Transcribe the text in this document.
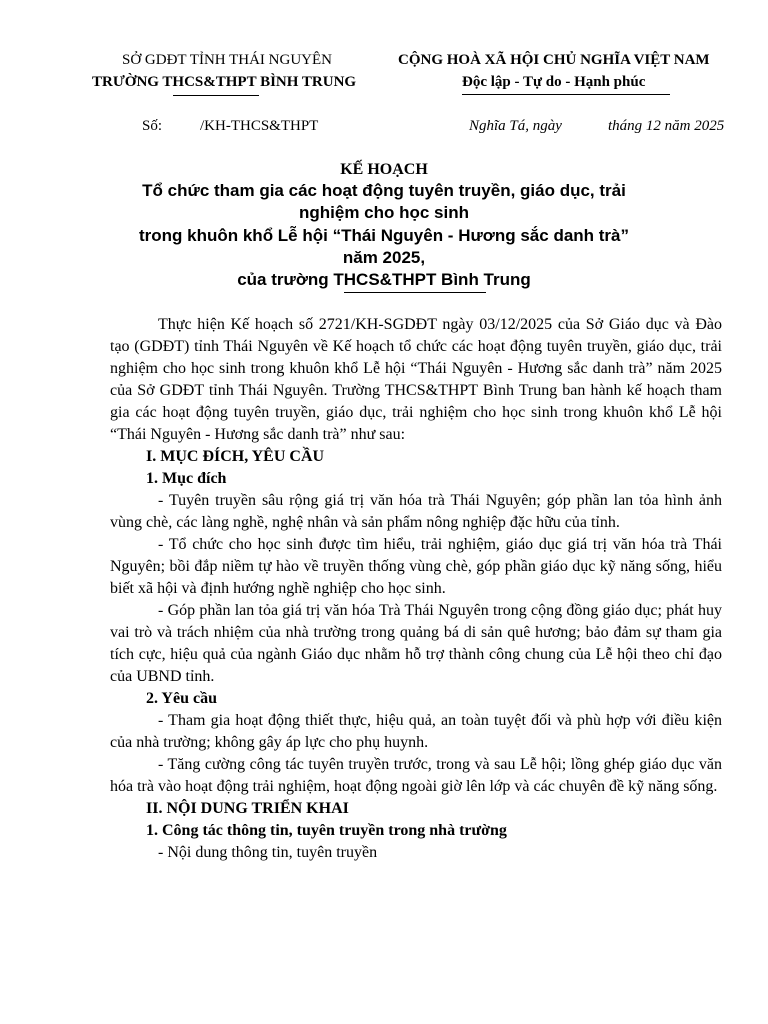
SỞ GDĐT TỈNH THÁI NGUYÊN
TRƯỜNG THCS&THPT BÌNH TRUNG
CỘNG HOÀ XÃ HỘI CHỦ NGHĨA VIỆT NAM
Độc lập - Tự do - Hạnh phúc
Số:	/KH-THCS&THPT	Nghĩa Tá, ngày	tháng 12 năm 2025
KẾ HOẠCH
Tổ chức tham gia các hoạt động tuyên truyền, giáo dục, trải
nghiệm cho học sinh
trong khuôn khổ Lễ hội “Thái Nguyên - Hương sắc danh trà”
năm 2025,
của trường THCS&THPT Bình Trung

Thực hiện Kế hoạch số 2721/KH-SGDĐT ngày 03/12/2025 của Sở Giáo dục và Đào tạo (GDĐT) tỉnh Thái Nguyên về Kế hoạch tổ chức các hoạt động tuyên truyền, giáo dục, trải nghiệm cho học sinh trong khuôn khổ Lễ hội “Thái Nguyên - Hương sắc danh trà” năm 2025 của Sở GDĐT tỉnh Thái Nguyên. Trường THCS&THPT Bình Trung ban hành kế hoạch tham gia các hoạt động tuyên truyền, giáo dục, trải nghiệm cho học sinh trong khuôn khổ Lễ hội “Thái Nguyên - Hương sắc danh trà” như sau:

I. MỤC ĐÍCH, YÊU CẦU

1. Mục đích

- Tuyên truyền sâu rộng giá trị văn hóa trà Thái Nguyên; góp phần lan tỏa hình ảnh vùng chè, các làng nghề, nghệ nhân và sản phẩm nông nghiệp đặc hữu của tỉnh.

- Tổ chức cho học sinh được tìm hiểu, trải nghiệm, giáo dục giá trị văn hóa trà Thái Nguyên; bồi đắp niềm tự hào về truyền thống vùng chè, góp phần giáo dục kỹ năng sống, hiểu biết xã hội và định hướng nghề nghiệp cho học sinh.

- Góp phần lan tỏa giá trị văn hóa Trà Thái Nguyên trong cộng đồng giáo dục; phát huy vai trò và trách nhiệm của nhà trường trong quảng bá di sản quê hương; bảo đảm sự tham gia tích cực, hiệu quả của ngành Giáo dục nhằm hỗ trợ thành công chung của Lễ hội theo chỉ đạo của UBND tỉnh.

2. Yêu cầu

- Tham gia hoạt động thiết thực, hiệu quả, an toàn tuyệt đối và phù hợp với điều kiện của nhà trường; không gây áp lực cho phụ huynh.

- Tăng cường công tác tuyên truyền trước, trong và sau Lễ hội; lồng ghép giáo dục văn hóa trà vào hoạt động trải nghiệm, hoạt động ngoài giờ lên lớp và các chuyên đề kỹ năng sống.

II. NỘI DUNG TRIỂN KHAI

1. Công tác thông tin, tuyên truyền trong nhà trường

- Nội dung thông tin, tuyên truyền
